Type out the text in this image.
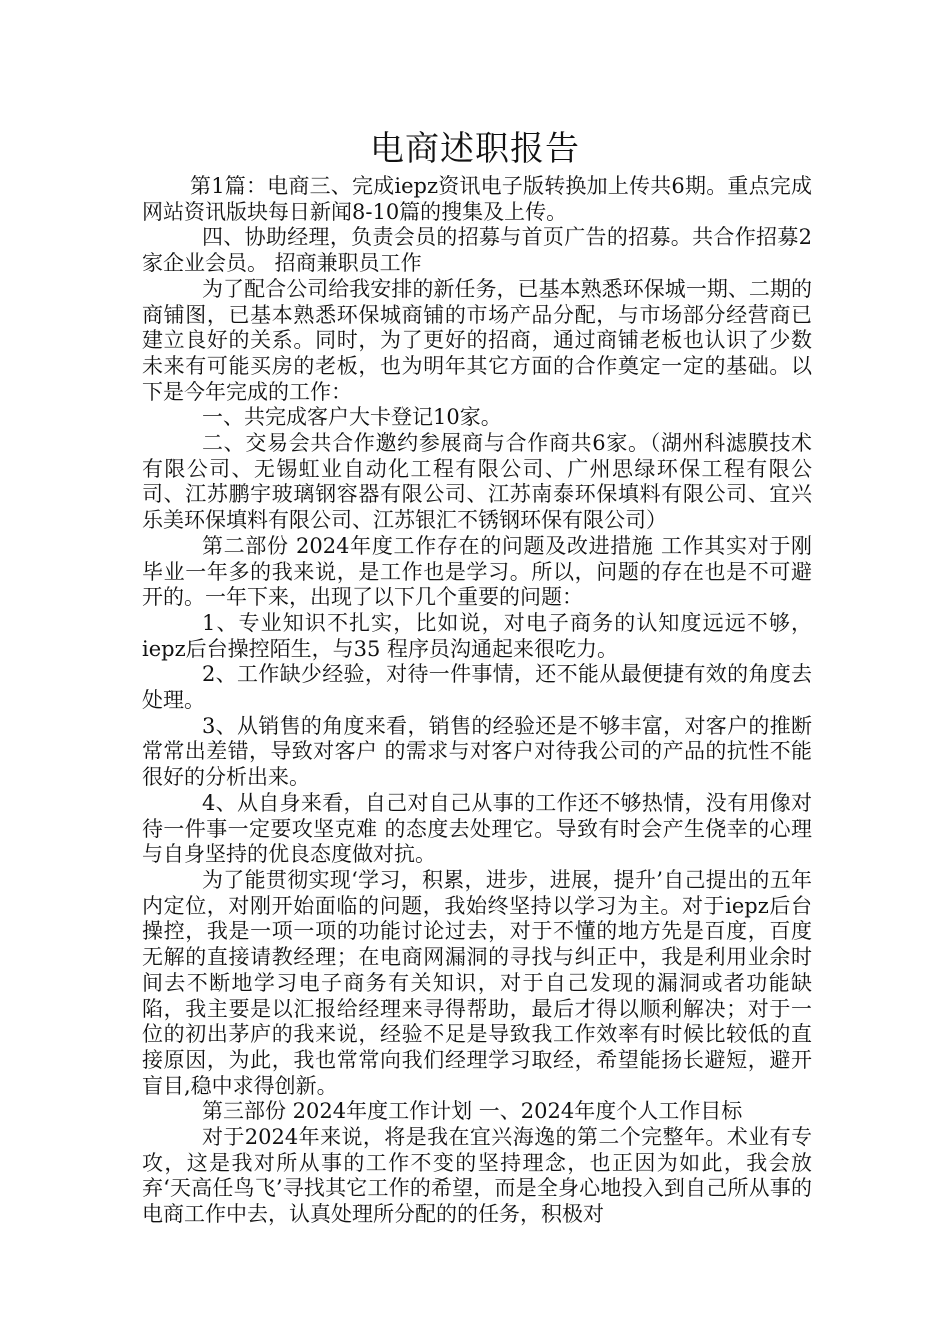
电商述职报告

第1篇：电商三、完成iepz资讯电子版转换加上传共6期。重点完成网站资讯版块每日新闻8-10篇的搜集及上传。

四、协助经理，负责会员的招募与首页广告的招募。共合作招募2家企业会员。 招商兼职员工作

为了配合公司给我安排的新任务，已基本熟悉环保城一期、二期的商铺图，已基本熟悉环保城商铺的市场产品分配，与市场部分经营商已建立良好的关系。同时，为了更好的招商，通过商铺老板也认识了少数未来有可能买房的老板，也为明年其它方面的合作奠定一定的基础。以下是今年完成的工作：

一、共完成客户大卡登记10家。

二、交易会共合作邀约参展商与合作商共6家。（湖州科滤膜技术有限公司、无锡虹业自动化工程有限公司、广州思绿环保工程有限公司、江苏鹏宇玻璃钢容器有限公司、江苏南泰环保填料有限公司、宜兴乐美环保填料有限公司、江苏银汇不锈钢环保有限公司）

第二部份 2024年度工作存在的问题及改进措施 工作其实对于刚毕业一年多的我来说，是工作也是学习。所以，问题的存在也是不可避开的。一年下来，出现了以下几个重要的问题：

1、专业知识不扎实，比如说，对电子商务的认知度远远不够，iepz后台操控陌生，与35 程序员沟通起来很吃力。

2、工作缺少经验，对待一件事情，还不能从最便捷有效的角度去处理。

3、从销售的角度来看，销售的经验还是不够丰富，对客户的推断常常出差错，导致对客户 的需求与对客户对待我公司的产品的抗性不能很好的分析出来。

4、从自身来看，自己对自己从事的工作还不够热情，没有用像对待一件事一定要攻坚克难 的态度去处理它。导致有时会产生侥幸的心理与自身坚持的优良态度做对抗。

为了能贯彻实现‘学习，积累，进步，进展，提升’自己提出的五年内定位，对刚开始面临的问题，我始终坚持以学习为主。对于iepz后台操控，我是一项一项的功能讨论过去，对于不懂的地方先是百度，百度无解的直接请教经理；在电商网漏洞的寻找与纠正中，我是利用业余时间去不断地学习电子商务有关知识，对于自己发现的漏洞或者功能缺陷，我主要是以汇报给经理来寻得帮助，最后才得以顺利解决；对于一位的初出茅庐的我来说，经验不足是导致我工作效率有时候比较低的直接原因，为此，我也常常向我们经理学习取经，希望能扬长避短，避开盲目,稳中求得创新。

第三部份 2024年度工作计划 一、2024年度个人工作目标

对于2024年来说，将是我在宜兴海逸的第二个完整年。术业有专攻，这是我对所从事的工作不变的坚持理念，也正因为如此，我会放弃‘天高任鸟飞’寻找其它工作的希望，而是全身心地投入到自己所从事的电商工作中去，认真处理所分配的的任务，积极对
